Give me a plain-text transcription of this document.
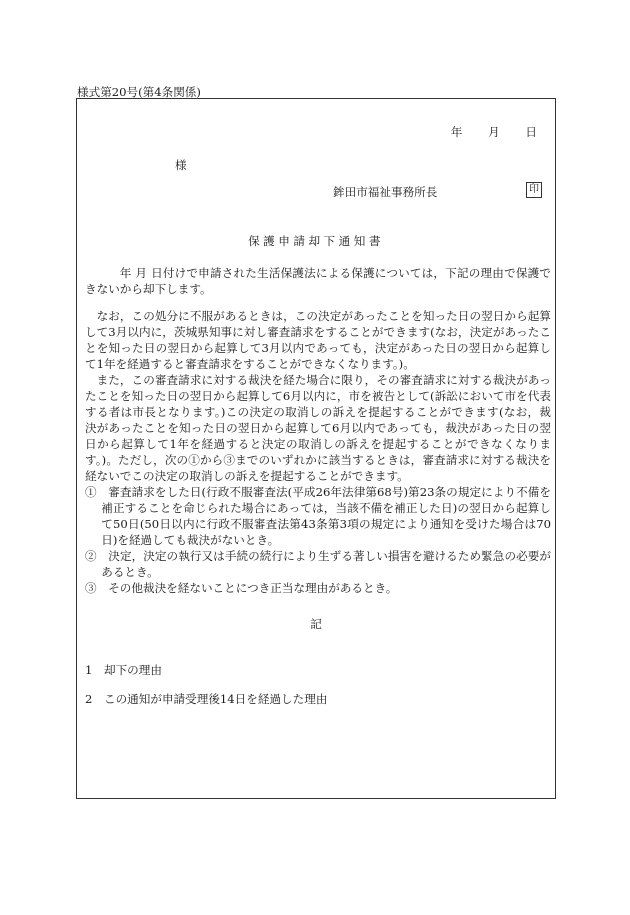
様式第20号(第4条関係)
年 月 日
様
鉾田市福祉事務所長	印
保護申請却下通知書

年 月 日付けで申請された生活保護法による保護については，下記の理由で保護できないから却下します。

なお，この処分に不服があるときは，この決定があったことを知った日の翌日から起算して3月以内に，茨城県知事に対し審査請求をすることができます(なお，決定があったことを知った日の翌日から起算して3月以内であっても，決定があった日の翌日から起算して1年を経過すると審査請求をすることができなくなります。)。

また，この審査請求に対する裁決を経た場合に限り，その審査請求に対する裁決があったことを知った日の翌日から起算して6月以内に，市を被告として(訴訟において市を代表する者は市長となります。)この決定の取消しの訴えを提起することができます(なお，裁決があったことを知った日の翌日から起算して6月以内であっても，裁決があった日の翌日から起算して1年を経過すると決定の取消しの訴えを提起することができなくなります。)。ただし，次の①から③までのいずれかに該当するときは，審査請求に対する裁決を経ないでこの決定の取消しの訴えを提起することができます。

①　審査請求をした日(行政不服審査法(平成26年法律第68号)第23条の規定により不備を補正することを命じられた場合にあっては，当該不備を補正した日)の翌日から起算して50日(50日以内に行政不服審査法第43条第3項の規定により通知を受けた場合は70日)を経過しても裁決がないとき。

②　決定，決定の執行又は手続の続行により生ずる著しい損害を避けるため緊急の必要があるとき。

③　その他裁決を経ないことにつき正当な理由があるとき。

記
1　却下の理由
2　この通知が申請受理後14日を経過した理由
